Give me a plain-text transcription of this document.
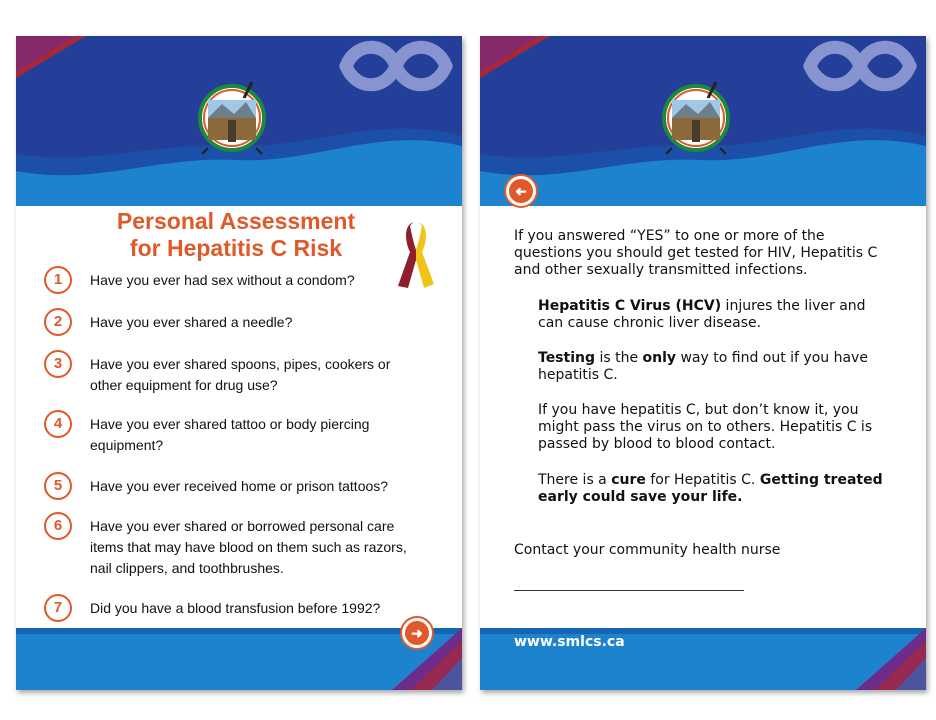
Personal Assessment
for Hepatitis C Risk
1	Have you ever had sex without a condom?
2	Have you ever shared a needle?
3	Have you ever shared spoons, pipes, cookers or other equipment for drug use?
4	Have you ever shared tattoo or body piercing equipment?
5	Have you ever received home or prison tattoos?
6	Have you ever shared or borrowed personal care items that may have blood on them such as razors, nail clippers, and toothbrushes.
7	Did you have a blood transfusion before 1992?
➜
➜
If you answered “YES” to one or more of the questions you should get tested for HIV, Hepatitis C and other sexually transmitted infections.
Hepatitis C Virus (HCV) injures the liver and can cause chronic liver disease.
Testing is the only way to find out if you have hepatitis C.
If you have hepatitis C, but don’t know it, you might pass the virus on to others. Hepatitis C is passed by blood to blood contact.
There is a cure for Hepatitis C. Getting treated early could save your life.
Contact your community health nurse
www.smlcs.ca
